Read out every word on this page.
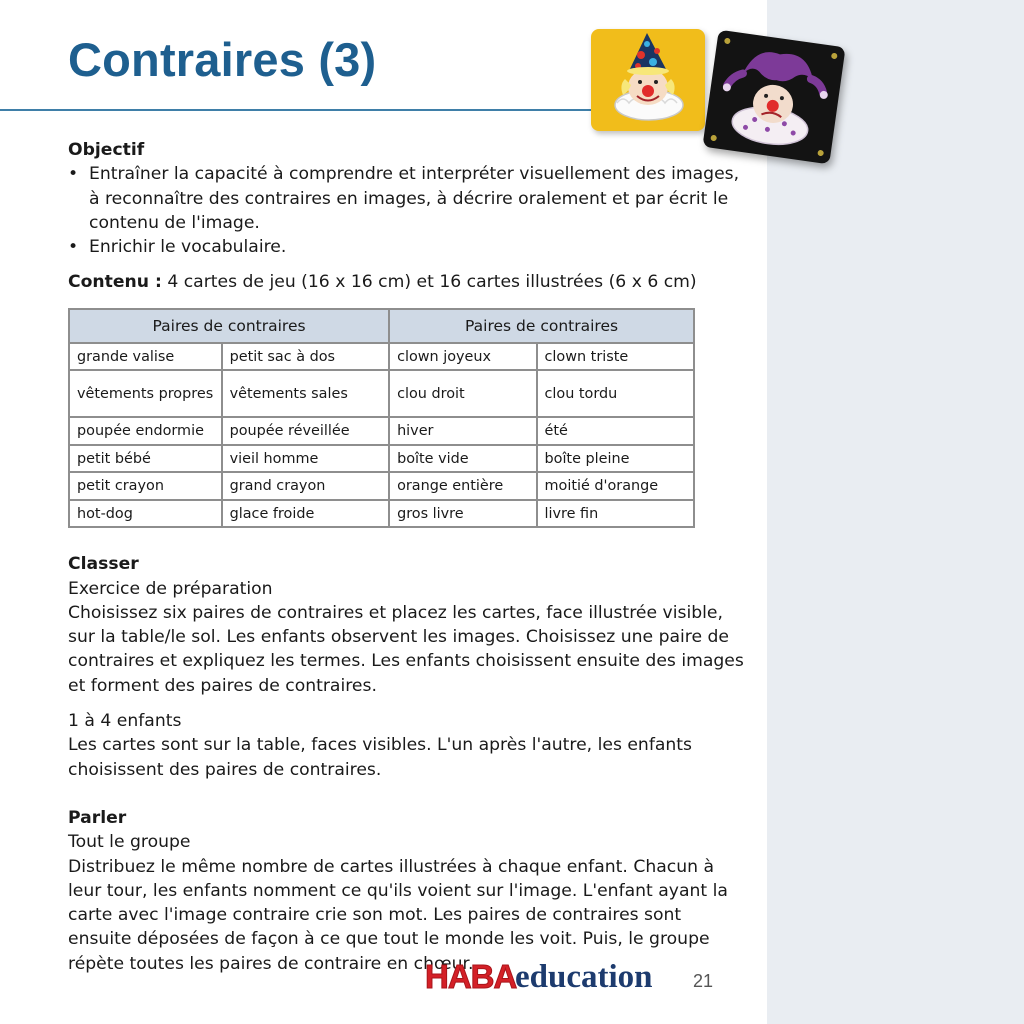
Contraires (3)

Objectif

• Entraîner la capacité à comprendre et interpréter visuellement des images, à reconnaître des contraires en images, à décrire oralement et par écrit le contenu de l'image.

• Enrichir le vocabulaire.

Contenu : 4 cartes de jeu (16 x 16 cm) et 16 cartes illustrées (6 x 6 cm)

Paires de contraires		Paires de contraires	
grande valise	petit sac à dos	clown joyeux	clown triste
vêtements propres	vêtements sales	clou droit	clou tordu
poupée endormie	poupée réveillée	hiver	été
petit bébé	vieil homme	boîte vide	boîte pleine
petit crayon	grand crayon	orange entière	moitié d'orange
hot-dog	glace froide	gros livre	livre fin

Classer

Exercice de préparation

Choisissez six paires de contraires et placez les cartes, face illustrée visible, sur la table/le sol. Les enfants observent les images. Choisissez une paire de contraires et expliquez les termes. Les enfants choisissent ensuite des images et forment des paires de contraires.

1 à 4 enfants

Les cartes sont sur la table, faces visibles. L'un après l'autre, les enfants choisissent des paires de contraires.

Parler

Tout le groupe

Distribuez le même nombre de cartes illustrées à chaque enfant. Chacun à leur tour, les enfants nomment ce qu'ils voient sur l'image. L'enfant ayant la carte avec l'image contraire crie son mot. Les paires de contraires sont ensuite déposées de façon à ce que tout le monde les voit. Puis, le groupe répète toutes les paires de contraire en chœur.

HABA
education 21
